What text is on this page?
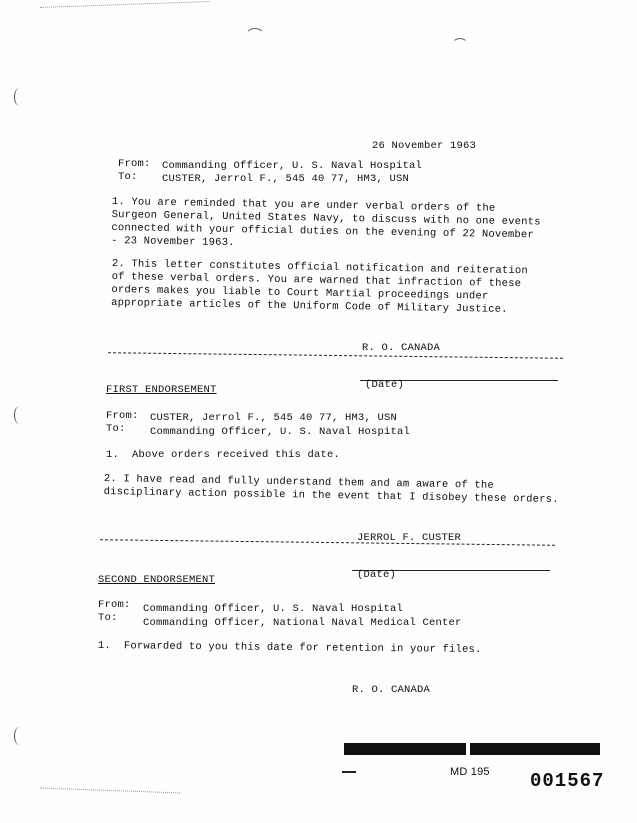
26 November 1963
From: Commanding Officer, U. S. Naval Hospital
To: CUSTER, Jerrol F., 545 40 77, HM3, USN
1. You are reminded that you are under verbal orders of the Surgeon General, United States Navy, to discuss with no one events connected with your official duties on the evening of 22 November - 23 November 1963.
2. This letter constitutes official notification and reiteration of these verbal orders. You are warned that infraction of these orders makes you liable to Court Martial proceedings under appropriate articles of the Uniform Code of Military Justice.
R. O. CANADA
(Date)
FIRST ENDORSEMENT
From: CUSTER, Jerrol F., 545 40 77, HM3, USN
To: Commanding Officer, U. S. Naval Hospital
1.  Above orders received this date.
2. I have read and fully understand them and am aware of the disciplinary action possible in the event that I disobey these orders.
JERROL F. CUSTER
(Date)
SECOND ENDORSEMENT
From: Commanding Officer, U. S. Naval Hospital
To: Commanding Officer, National Naval Medical Center
1.  Forwarded to you this date for retention in your files.
R. O. CANADA
MD 195 001567
